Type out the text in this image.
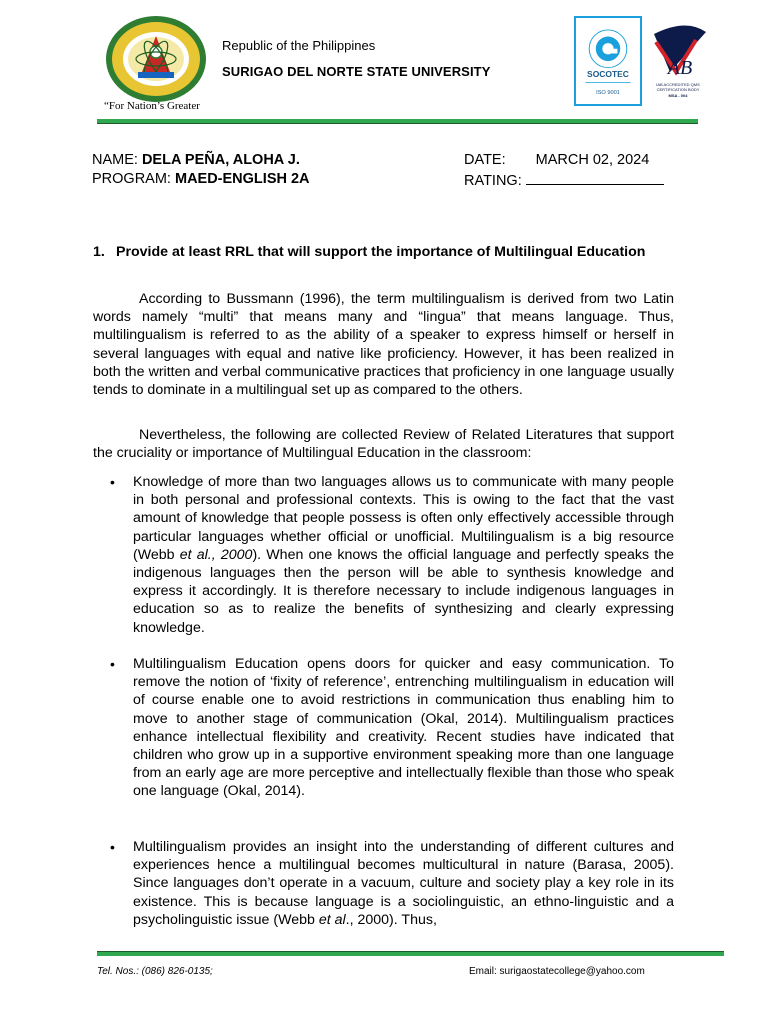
“For Nation’s Greater
Republic of the Philippines
SURIGAO DEL NORTE STATE UNIVERSITY	SOCOTEC
ISO 9001
AB
IAB ACCREDITED QMS
CERTIFICATION BODY
MSA - 004
NAME: DELA PEÑA, ALOHA J.
PROGRAM: MAED-ENGLISH 2A
DATE: MARCH 02, 2024
RATING:
1. Provide at least RRL that will support the importance of Multilingual Education

According to Bussmann (1996), the term multilingualism is derived from two Latin words namely “multi” that means many and “lingua” that means language. Thus, multilingualism is referred to as the ability of a speaker to express himself or herself in several languages with equal and native like proficiency. However, it has been realized in both the written and verbal communicative practices that proficiency in one language usually tends to dominate in a multilingual set up as compared to the others.

Nevertheless, the following are collected Review of Related Literatures that support the cruciality or importance of Multilingual Education in the classroom:

• Knowledge of more than two languages allows us to communicate with many people in both personal and professional contexts. This is owing to the fact that the vast amount of knowledge that people possess is often only effectively accessible through particular languages whether official or unofficial. Multilingualism is a big resource (Webb et al., 2000). When one knows the official language and perfectly speaks the indigenous languages then the person will be able to synthesis knowledge and express it accordingly. It is therefore necessary to include indigenous languages in education so as to realize the benefits of synthesizing and clearly expressing knowledge.

• Multilingualism Education opens doors for quicker and easy communication. To remove the notion of ‘fixity of reference’, entrenching multilingualism in education will of course enable one to avoid restrictions in communication thus enabling him to move to another stage of communication (Okal, 2014). Multilingualism practices enhance intellectual flexibility and creativity. Recent studies have indicated that children who grow up in a supportive environment speaking more than one language from an early age are more perceptive and intellectually flexible than those who speak one language (Okal, 2014).

• Multilingualism provides an insight into the understanding of different cultures and experiences hence a multilingual becomes multicultural in nature (Barasa, 2005). Since languages don’t operate in a vacuum, culture and society play a key role in its existence. This is because language is a sociolinguistic, an ethno-linguistic and a psycholinguistic issue (Webb et al., 2000). Thus,

Tel. Nos.: (086) 826-0135;	Email: surigaostatecollege@yahoo.com
